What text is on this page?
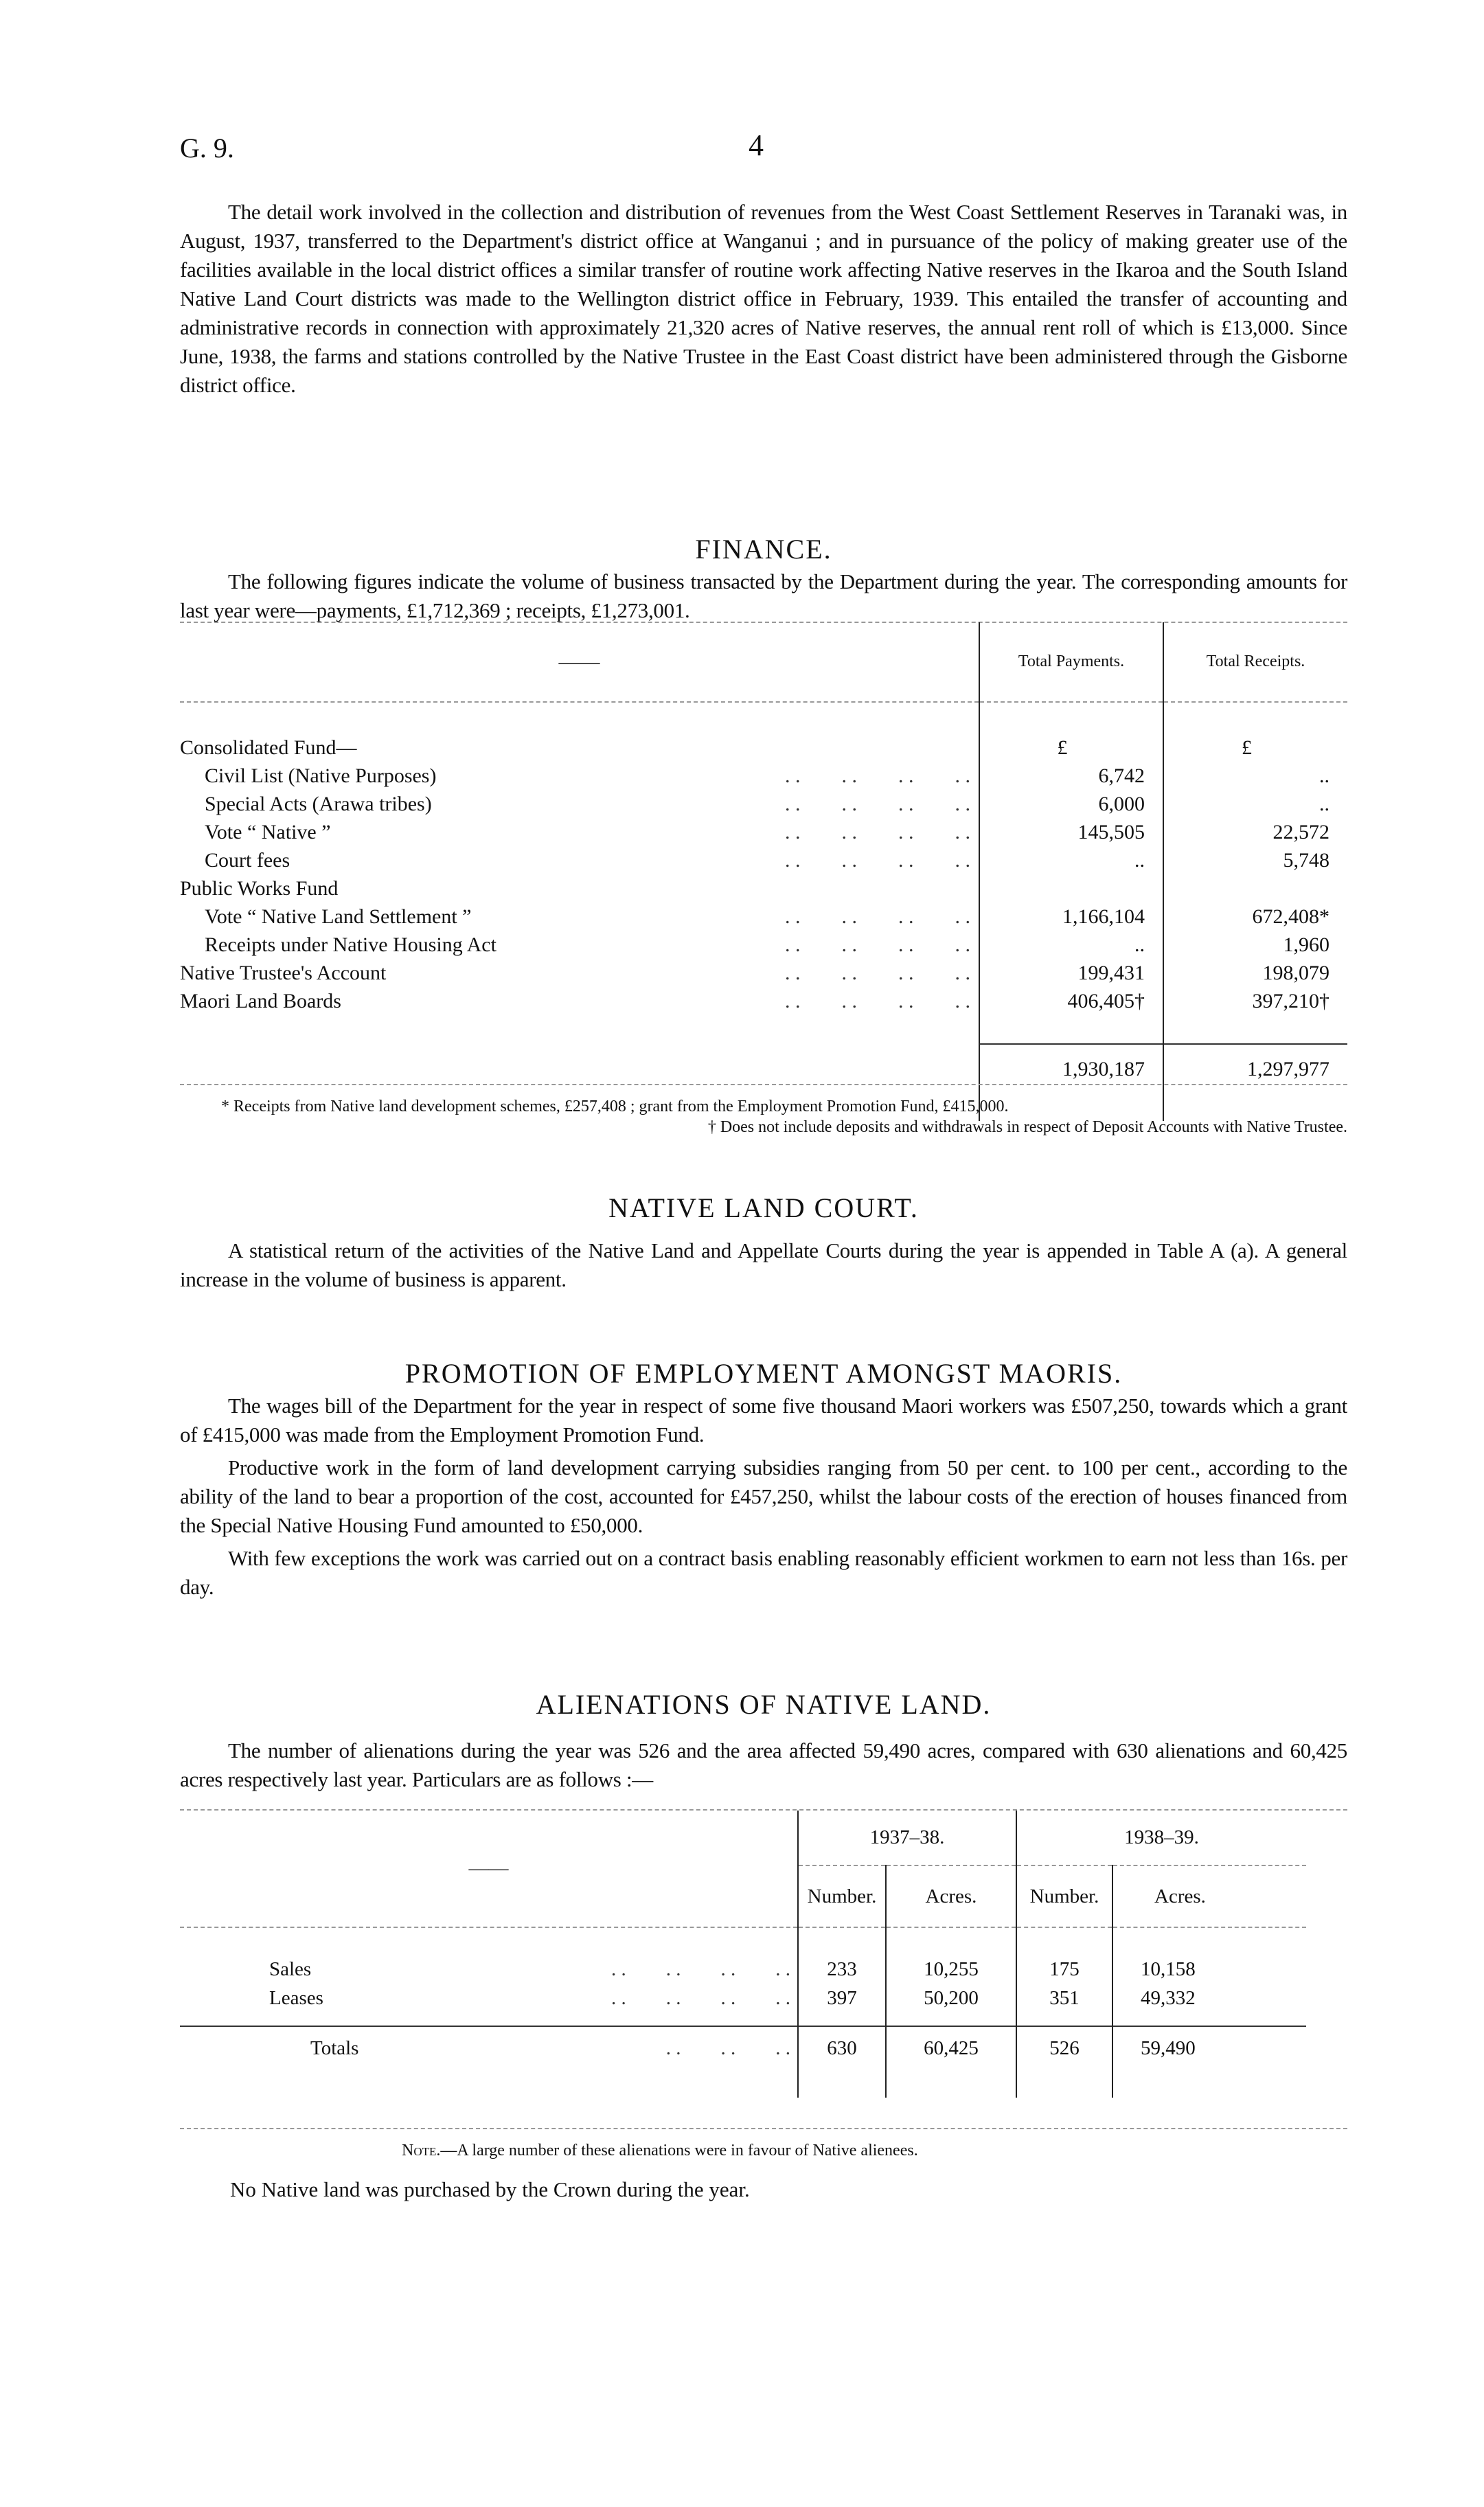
G. 9.	4

The detail work involved in the collection and distribution of revenues from the West Coast Settlement Reserves in Taranaki was, in August, 1937, transferred to the Department's district office at Wanganui ; and in pursuance of the policy of making greater use of the facilities available in the local district offices a similar transfer of routine work affecting Native reserves in the Ikaroa and the South Island Native Land Court districts was made to the Wellington district office in February, 1939. This entailed the transfer of accounting and administrative records in connection with approximately 21,320 acres of Native reserves, the annual rent roll of which is £13,000. Since June, 1938, the farms and stations controlled by the Native Trustee in the East Coast district have been administered through the Gisborne district office.

FINANCE.

The following figures indicate the volume of business transacted by the Department during the year. The corresponding amounts for last year were—payments, £1,712,369 ; receipts, £1,273,001.

——	Total Payments.	Total Receipts.

Consolidated Fund—	£	£
Civil List (Native Purposes) . .        . .        . .        . .	6,742	..
Special Acts (Arawa tribes) . .        . .        . .        . .	6,000	..
Vote “ Native ” . .        . .        . .        . .	145,505	22,572
Court fees . .        . .        . .        . .	..	5,748
Public Works Fund		
Vote “ Native Land Settlement ” . .        . .        . .        . .	1,166,104	672,408*
Receipts under Native Housing Act . .        . .        . .        . .	..	1,960
Native Trustee's Account . .        . .        . .        . .	199,431	198,079
Maori Land Boards . .        . .        . .        . .	406,405†	397,210†

	1,930,187	1,297,977

* Receipts from Native land development schemes, £257,408 ; grant from the Employment Promotion Fund, £415,000.

† Does not include deposits and withdrawals in respect of Deposit Accounts with Native Trustee.

NATIVE LAND COURT.

A statistical return of the activities of the Native Land and Appellate Courts during the year is appended in Table A (a). A general increase in the volume of business is apparent.

PROMOTION OF EMPLOYMENT AMONGST MAORIS.

The wages bill of the Department for the year in respect of some five thousand Maori workers was £507,250, towards which a grant of £415,000 was made from the Employment Promotion Fund.

Productive work in the form of land development carrying subsidies ranging from 50 per cent. to 100 per cent., according to the ability of the land to bear a proportion of the cost, accounted for £457,250, whilst the labour costs of the erection of houses financed from the Special Native Housing Fund amounted to £50,000.

With few exceptions the work was carried out on a contract basis enabling reasonably efficient workmen to earn not less than 16s. per day.

ALIENATIONS OF NATIVE LAND.

The number of alienations during the year was 526 and the area affected 59,490 acres, compared with 630 alienations and 60,425 acres respectively last year. Particulars are as follows :—

——	1937–38.		1938–39.	
	Number.	Acres.	Number.	Acres.

Sales . .        . .        . .        . .	233	10,255	175	10,158
Leases . .        . .        . .        . .	397	50,200	351	49,332

Totals . .        . .        . .	630	60,425	526	59,490

Note.—A large number of these alienations were in favour of Native alienees.
No Native land was purchased by the Crown during the year.
